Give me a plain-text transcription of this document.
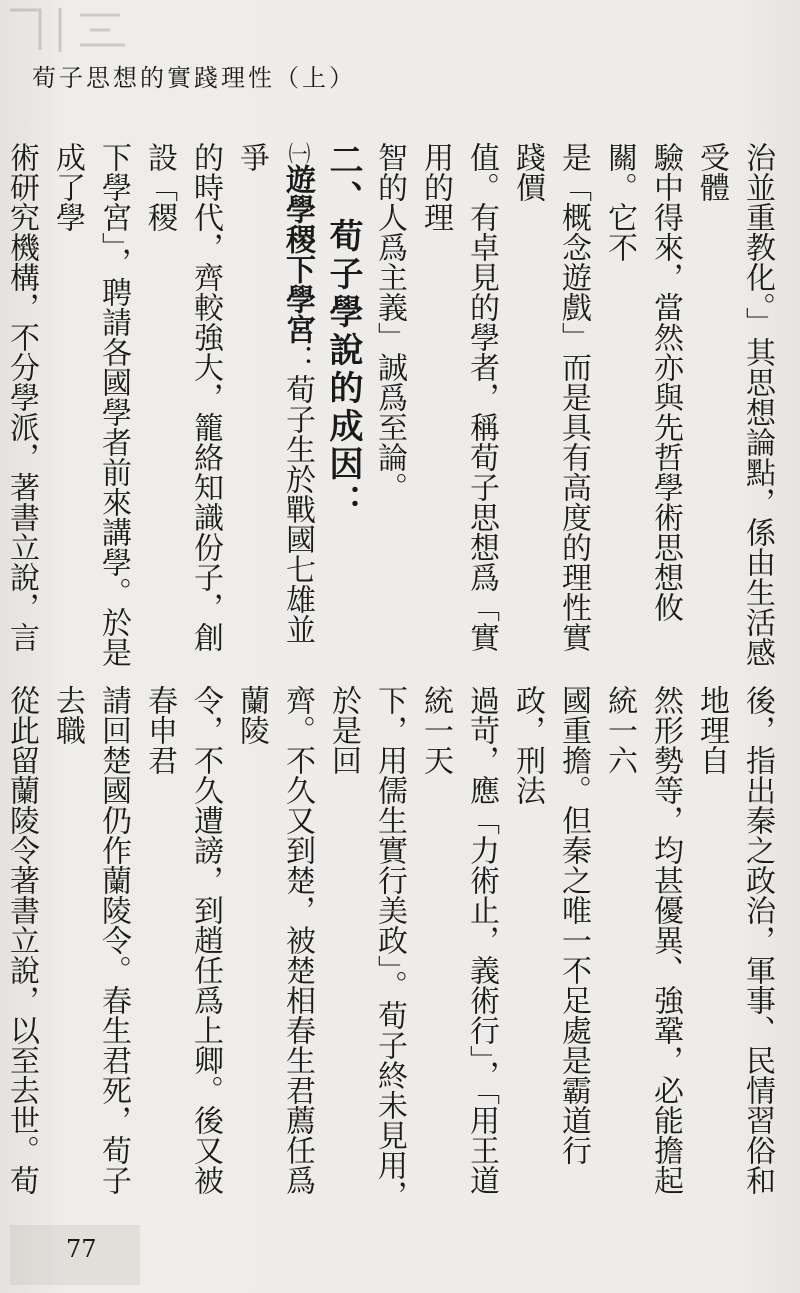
荀子思想的實踐理性（上）
治並重教化。」其思想論點，係由生活感受體
驗中得來，當然亦與先哲學術思想攸關。它不
是「概念遊戲」而是具有高度的理性實踐價
值。有卓見的學者，稱荀子思想爲「實用的理
智的人爲主義」誠爲至論。
二、荀子學說的成因：
㈠遊學稷下學宮：荀子生於戰國七雄並爭
的時代，齊較強大，籠絡知識份子，創設「稷
下學宮」，聘請各國學者前來講學。於是成了學
術研究機構，不分學派，著書立說，言
後，指出秦之政治，軍事、民情習俗和地理自
然形勢等，均甚優異、強鞏，必能擔起統一六
國重擔。但秦之唯一不足處是霸道行政，刑法
過苛，應「力術止，義術行」，「用王道統一天
下，用儒生實行美政」。荀子終未見用，於是回
齊。不久又到楚，被楚相春生君薦任爲蘭陵
令，不久遭謗，到趙任爲上卿。後又被春申君
請回楚國仍作蘭陵令。春生君死，荀子去職
從此留蘭陵令著書立說，以至去世。荀
77
